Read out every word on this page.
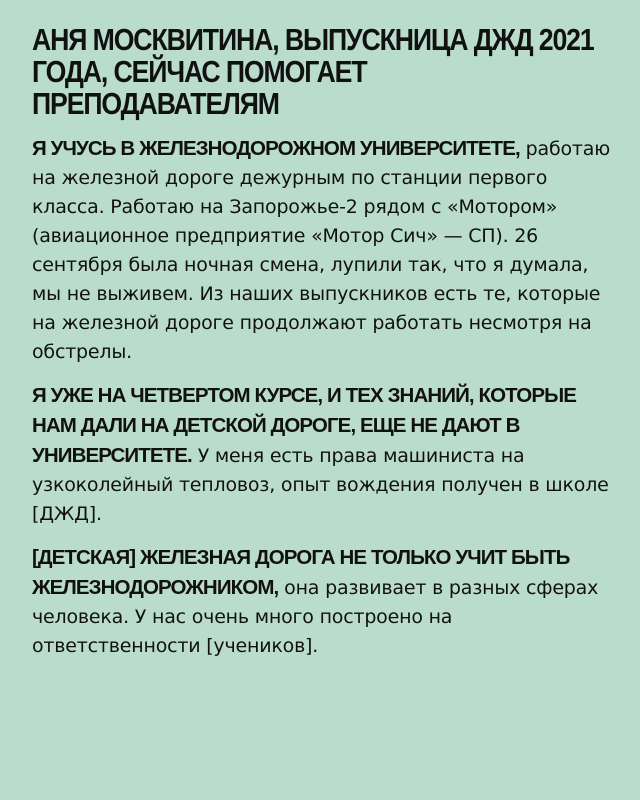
АНЯ МОСКВИТИНА, ВЫПУСКНИЦА ДЖД 2021 ГОДА, СЕЙЧАС ПОМОГАЕТ ПРЕПОДАВАТЕЛЯМ

Я УЧУСЬ В ЖЕЛЕЗНОДОРОЖНОМ УНИВЕРСИТЕТЕ, работаю на железной дороге дежурным по станции первого класса. Работаю на Запорожье-2 рядом с «Мотором» (авиационное предприятие «Мотор Сич» — СП). 26 сентября была ночная смена, лупили так, что я думала, мы не выживем. Из наших выпускников есть те, которые на железной дороге продолжают работать несмотря на обстрелы.

Я УЖЕ НА ЧЕТВЕРТОМ КУРСЕ, И ТЕХ ЗНАНИЙ, КОТОРЫЕ НАМ ДАЛИ НА ДЕТСКОЙ ДОРОГЕ, ЕЩЕ НЕ ДАЮТ В УНИВЕРСИТЕТЕ. У меня есть права машиниста на узкоколейный тепловоз, опыт вождения получен в школе [ДЖД].

[ДЕТСКАЯ] ЖЕЛЕЗНАЯ ДОРОГА НЕ ТОЛЬКО УЧИТ БЫТЬ ЖЕЛЕЗНОДОРОЖНИКОМ, она развивает в разных сферах человека. У нас очень много построено на ответственности [учеников].
